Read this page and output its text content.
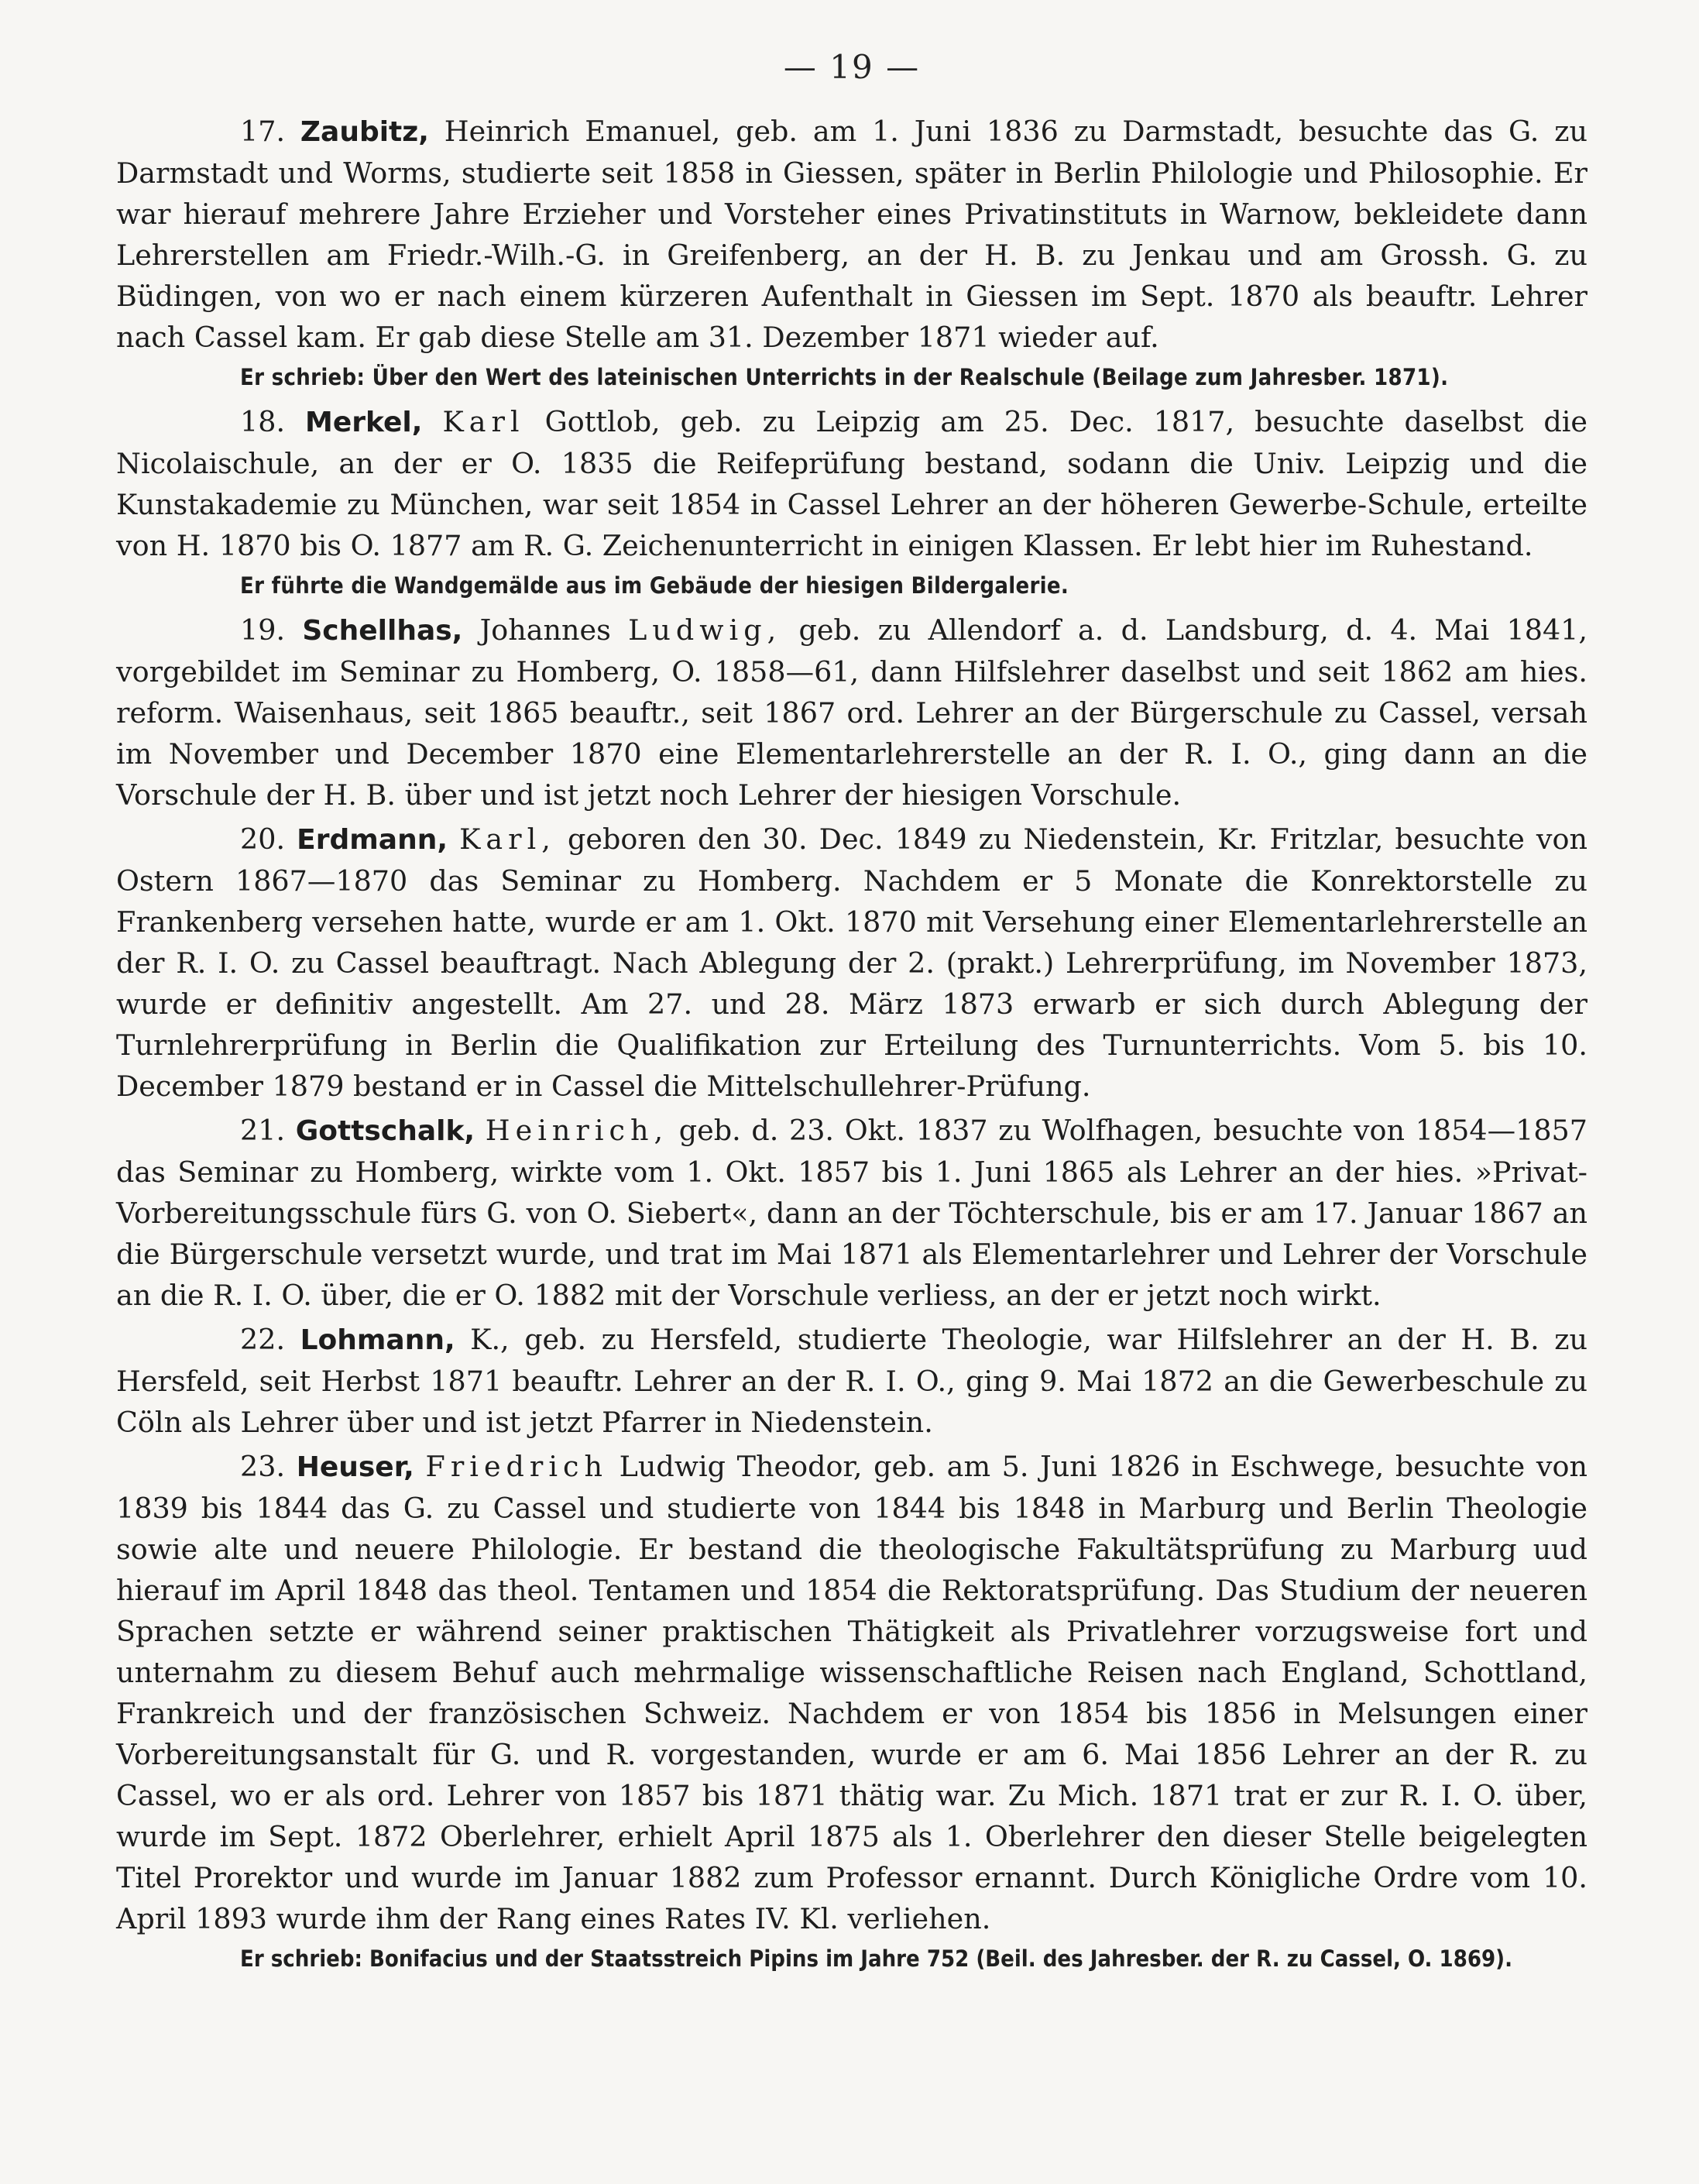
— 19 —

17. Zaubitz, Heinrich Emanuel, geb. am 1. Juni 1836 zu Darmstadt, besuchte das G. zu Darmstadt und Worms, studierte seit 1858 in Giessen, später in Berlin Philologie und Philosophie. Er war hierauf mehrere Jahre Erzieher und Vorsteher eines Privatinstituts in Warnow, bekleidete dann Lehrerstellen am Friedr.-Wilh.-G. in Greifenberg, an der H. B. zu Jenkau und am Grossh. G. zu Büdingen, von wo er nach einem kürzeren Aufenthalt in Giessen im Sept. 1870 als beauftr. Lehrer nach Cassel kam. Er gab diese Stelle am 31. Dezember 1871 wieder auf.

Er schrieb: Über den Wert des lateinischen Unterrichts in der Realschule (Beilage zum Jahresber. 1871).

18. Merkel, Karl Gottlob, geb. zu Leipzig am 25. Dec. 1817, besuchte daselbst die Nicolaischule, an der er O. 1835 die Reifeprüfung bestand, sodann die Univ. Leipzig und die Kunstakademie zu München, war seit 1854 in Cassel Lehrer an der höheren Gewerbe-Schule, erteilte von H. 1870 bis O. 1877 am R. G. Zeichenunterricht in einigen Klassen. Er lebt hier im Ruhestand.

Er führte die Wandgemälde aus im Gebäude der hiesigen Bildergalerie.

19. Schellhas, Johannes Ludwig, geb. zu Allendorf a. d. Landsburg, d. 4. Mai 1841, vorgebildet im Seminar zu Homberg, O. 1858—61, dann Hilfslehrer daselbst und seit 1862 am hies. reform. Waisenhaus, seit 1865 beauftr., seit 1867 ord. Lehrer an der Bürgerschule zu Cassel, versah im November und December 1870 eine Elementarlehrerstelle an der R. I. O., ging dann an die Vorschule der H. B. über und ist jetzt noch Lehrer der hiesigen Vorschule.

20. Erdmann, Karl, geboren den 30. Dec. 1849 zu Niedenstein, Kr. Fritzlar, besuchte von Ostern 1867—1870 das Seminar zu Homberg. Nachdem er 5 Monate die Konrektorstelle zu Frankenberg versehen hatte, wurde er am 1. Okt. 1870 mit Versehung einer Elementarlehrerstelle an der R. I. O. zu Cassel beauftragt. Nach Ablegung der 2. (prakt.) Lehrerprüfung, im November 1873, wurde er definitiv angestellt. Am 27. und 28. März 1873 erwarb er sich durch Ablegung der Turnlehrerprüfung in Berlin die Qualifikation zur Erteilung des Turnunterrichts. Vom 5. bis 10. December 1879 bestand er in Cassel die Mittelschullehrer-Prüfung.

21. Gottschalk, Heinrich, geb. d. 23. Okt. 1837 zu Wolfhagen, besuchte von 1854—1857 das Seminar zu Homberg, wirkte vom 1. Okt. 1857 bis 1. Juni 1865 als Lehrer an der hies. »Privat-Vorbereitungsschule fürs G. von O. Siebert«, dann an der Töchterschule, bis er am 17. Januar 1867 an die Bürgerschule versetzt wurde, und trat im Mai 1871 als Elementarlehrer und Lehrer der Vorschule an die R. I. O. über, die er O. 1882 mit der Vorschule verliess, an der er jetzt noch wirkt.

22. Lohmann, K., geb. zu Hersfeld, studierte Theologie, war Hilfslehrer an der H. B. zu Hersfeld, seit Herbst 1871 beauftr. Lehrer an der R. I. O., ging 9. Mai 1872 an die Gewerbeschule zu Cöln als Lehrer über und ist jetzt Pfarrer in Niedenstein.

23. Heuser, Friedrich Ludwig Theodor, geb. am 5. Juni 1826 in Eschwege, besuchte von 1839 bis 1844 das G. zu Cassel und studierte von 1844 bis 1848 in Marburg und Berlin Theologie sowie alte und neuere Philologie. Er bestand die theologische Fakultätsprüfung zu Marburg uud hierauf im April 1848 das theol. Tentamen und 1854 die Rektoratsprüfung. Das Studium der neueren Sprachen setzte er während seiner praktischen Thätigkeit als Privatlehrer vorzugsweise fort und unternahm zu diesem Behuf auch mehrmalige wissenschaftliche Reisen nach England, Schottland, Frankreich und der französischen Schweiz. Nachdem er von 1854 bis 1856 in Melsungen einer Vorbereitungsanstalt für G. und R. vorgestanden, wurde er am 6. Mai 1856 Lehrer an der R. zu Cassel, wo er als ord. Lehrer von 1857 bis 1871 thätig war. Zu Mich. 1871 trat er zur R. I. O. über, wurde im Sept. 1872 Oberlehrer, erhielt April 1875 als 1. Oberlehrer den dieser Stelle beigelegten Titel Prorektor und wurde im Januar 1882 zum Professor ernannt. Durch Königliche Ordre vom 10. April 1893 wurde ihm der Rang eines Rates IV. Kl. verliehen.

Er schrieb: Bonifacius und der Staatsstreich Pipins im Jahre 752 (Beil. des Jahresber. der R. zu Cassel, O. 1869).
